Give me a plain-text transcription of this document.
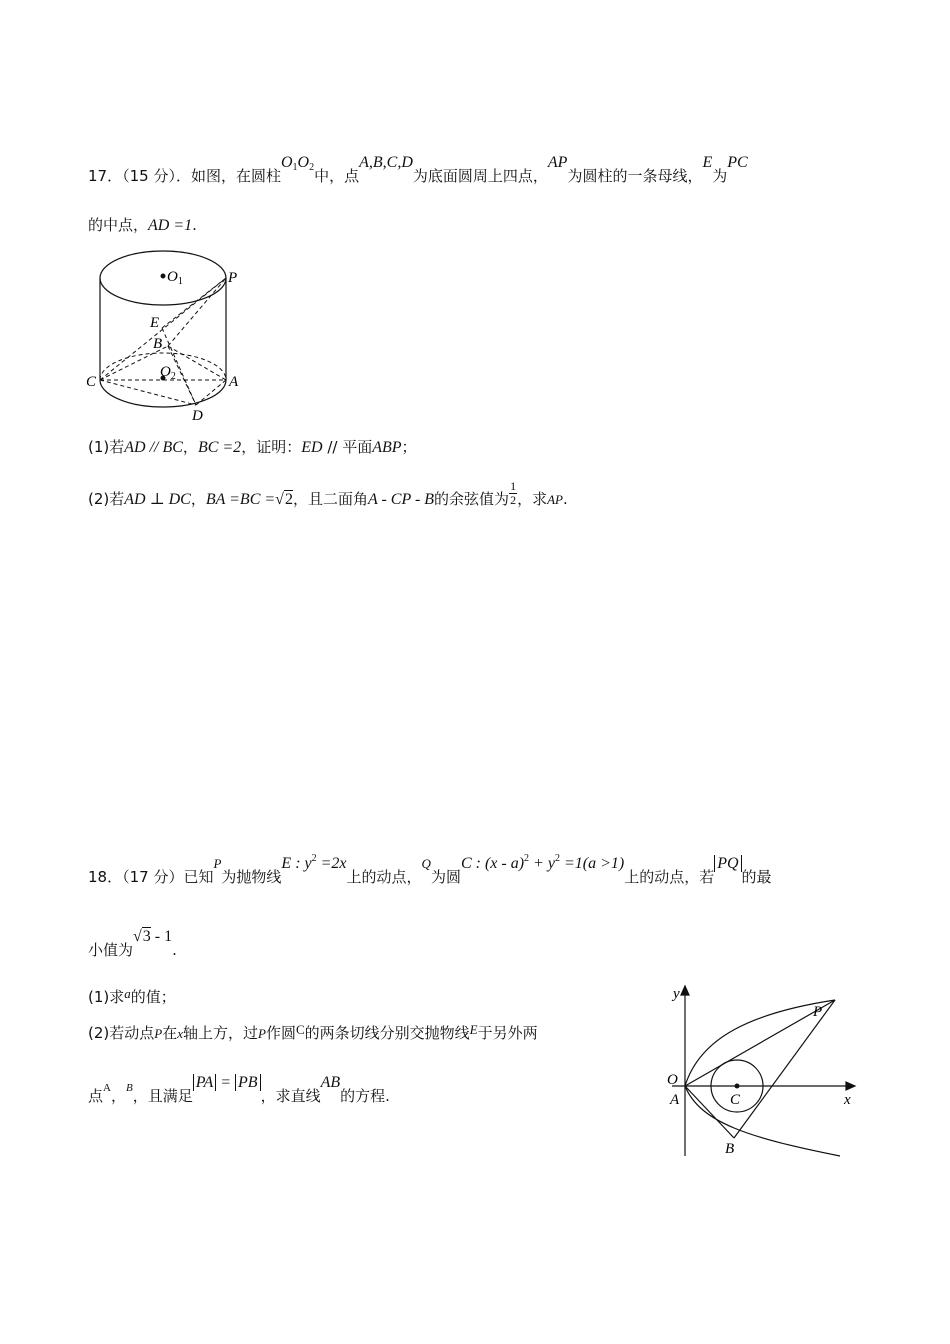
17．（15 分）．如图，在圆柱$O_1O_2$中，点A,B,C,D为底面圆周上四点，AP为圆柱的一条母线，E为PC
的中点，AD =1.
$O_1$	P
E
B
C
$O_2$	A
D
(1)若AD // BC，BC =2，证明：ED // 平面ABP；
(2)若AD ⊥ DC，BA =BC =√2，且二面角A - CP - B的余弦值为 $\frac{1}{2}$ ，求AP.
18．（17 分）已知P为抛物线E : $y^2 =2x$上的动点，Q为圆C : $(x - a)^2 + y^2 =1(a >1)$上的动点，若PQ的最
小值为√3 - 1.
(1)求a的值；
(2)若动点P在x轴上方，过P作圆C的两条切线分别交抛物线E于另外两
点$^A$，$^B$，且满足PA = PB，求直线AB的方程.
y
P
O
A	C	x
B
